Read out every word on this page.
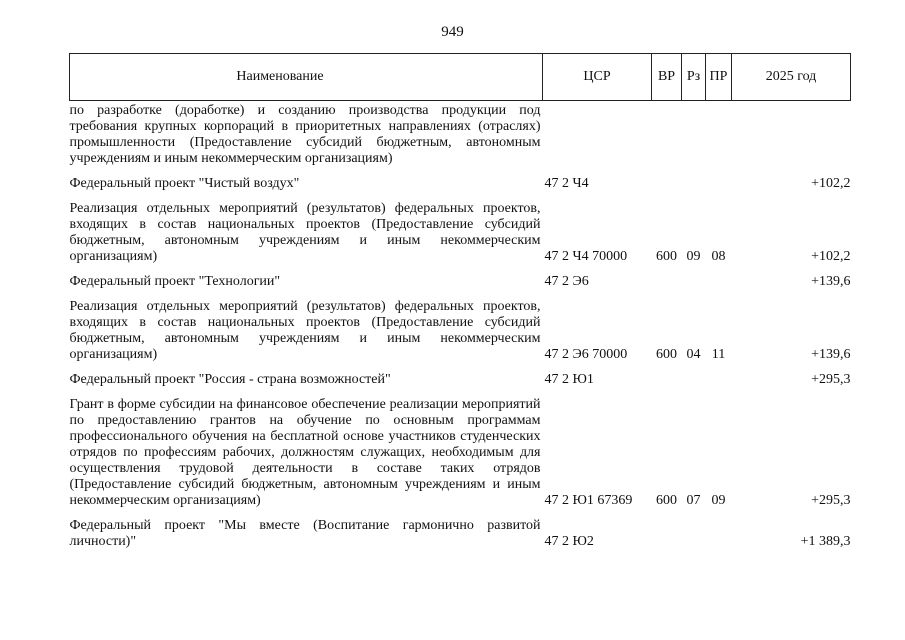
949
Наименование	ЦСР	ВР	Рз	ПР	2025 год
по разработке (доработке) и созданию производства продукции под требования крупных корпораций в приоритетных направлениях (отраслях) промышленности (Предоставление субсидий бюджетным, автономным учреждениям и иным некоммерческим организациям)					
Федеральный проект "Чистый воздух"	47 2 Ч4				+102,2
Реализация отдельных мероприятий (результатов) федеральных проектов, входящих в состав национальных проектов (Предоставление субсидий бюджетным, автономным учреждениям и иным некоммерческим организациям)	47 2 Ч4 70000	600	09	08	+102,2
Федеральный проект "Технологии"	47 2 Э6				+139,6
Реализация отдельных мероприятий (результатов) федеральных проектов, входящих в состав национальных проектов (Предоставление субсидий бюджетным, автономным учреждениям и иным некоммерческим организациям)	47 2 Э6 70000	600	04	11	+139,6
Федеральный проект "Россия - страна возможностей"	47 2 Ю1				+295,3
Грант в форме субсидии на финансовое обеспечение реализации мероприятий по предоставлению грантов на обучение по основным программам профессионального обучения на бесплатной основе участников студенческих отрядов по профессиям рабочих, должностям служащих, необходимым для осуществления трудовой деятельности в составе таких отрядов (Предоставление субсидий бюджетным, автономным учреждениям и иным некоммерческим организациям)	47 2 Ю1 67369	600	07	09	+295,3
Федеральный проект "Мы вместе (Воспитание гармонично развитой личности)"	47 2 Ю2				+1 389,3
